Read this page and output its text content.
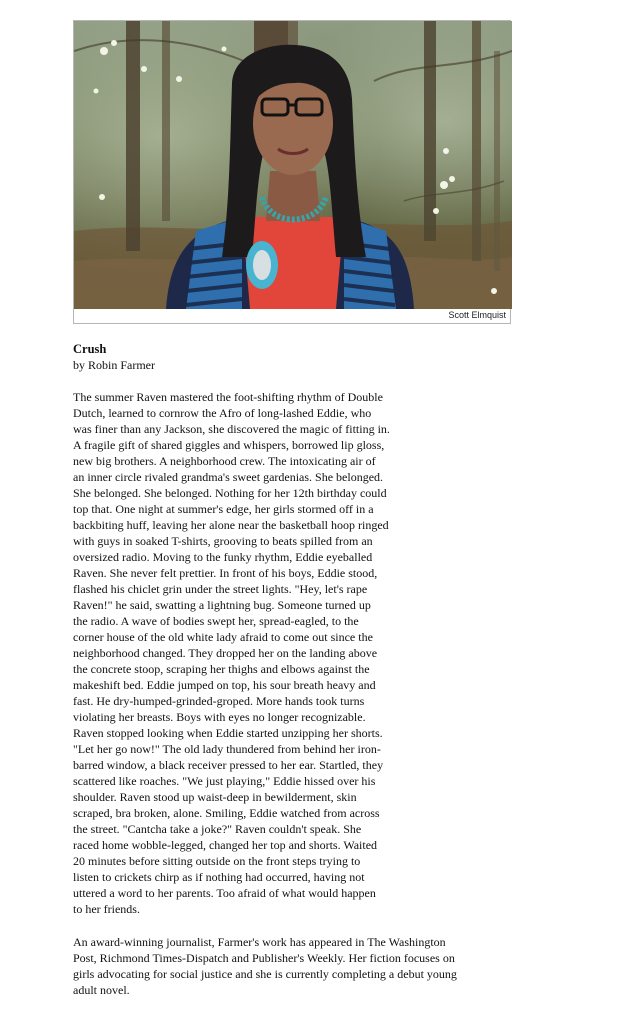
Scott Elmquist
Crush

by Robin Farmer

The summer Raven mastered the foot-shifting rhythm of Double
Dutch, learned to cornrow the Afro of long-lashed Eddie, who
was finer than any Jackson, she discovered the magic of fitting in.
A fragile gift of shared giggles and whispers, borrowed lip gloss,
new big brothers. A neighborhood crew. The intoxicating air of
an inner circle rivaled grandma's sweet gardenias. She belonged.
She belonged. She belonged. Nothing for her 12th birthday could
top that. One night at summer's edge, her girls stormed off in a
backbiting huff, leaving her alone near the basketball hoop ringed
with guys in soaked T-shirts, grooving to beats spilled from an
oversized radio. Moving to the funky rhythm, Eddie eyeballed
Raven. She never felt prettier. In front of his boys, Eddie stood,
flashed his chiclet grin under the street lights. "Hey, let's rape
Raven!" he said, swatting a lightning bug. Someone turned up
the radio. A wave of bodies swept her, spread-eagled, to the
corner house of the old white lady afraid to come out since the
neighborhood changed. They dropped her on the landing above
the concrete stoop, scraping her thighs and elbows against the
makeshift bed. Eddie jumped on top, his sour breath heavy and
fast. He dry-humped-grinded-groped. More hands took turns
violating her breasts. Boys with eyes no longer recognizable.
Raven stopped looking when Eddie started unzipping her shorts.
"Let her go now!" The old lady thundered from behind her iron-
barred window, a black receiver pressed to her ear. Startled, they
scattered like roaches. "We just playing," Eddie hissed over his
shoulder. Raven stood up waist-deep in bewilderment, skin
scraped, bra broken, alone. Smiling, Eddie watched from across
the street. "Cantcha take a joke?" Raven couldn't speak. She
raced home wobble-legged, changed her top and shorts. Waited
20 minutes before sitting outside on the front steps trying to
listen to crickets chirp as if nothing had occurred, having not
uttered a word to her parents. Too afraid of what would happen
to her friends.

An award-winning journalist, Farmer's work has appeared in The Washington
Post, Richmond Times-Dispatch and Publisher's Weekly. Her fiction focuses on
girls advocating for social justice and she is currently completing a debut young
adult novel.
